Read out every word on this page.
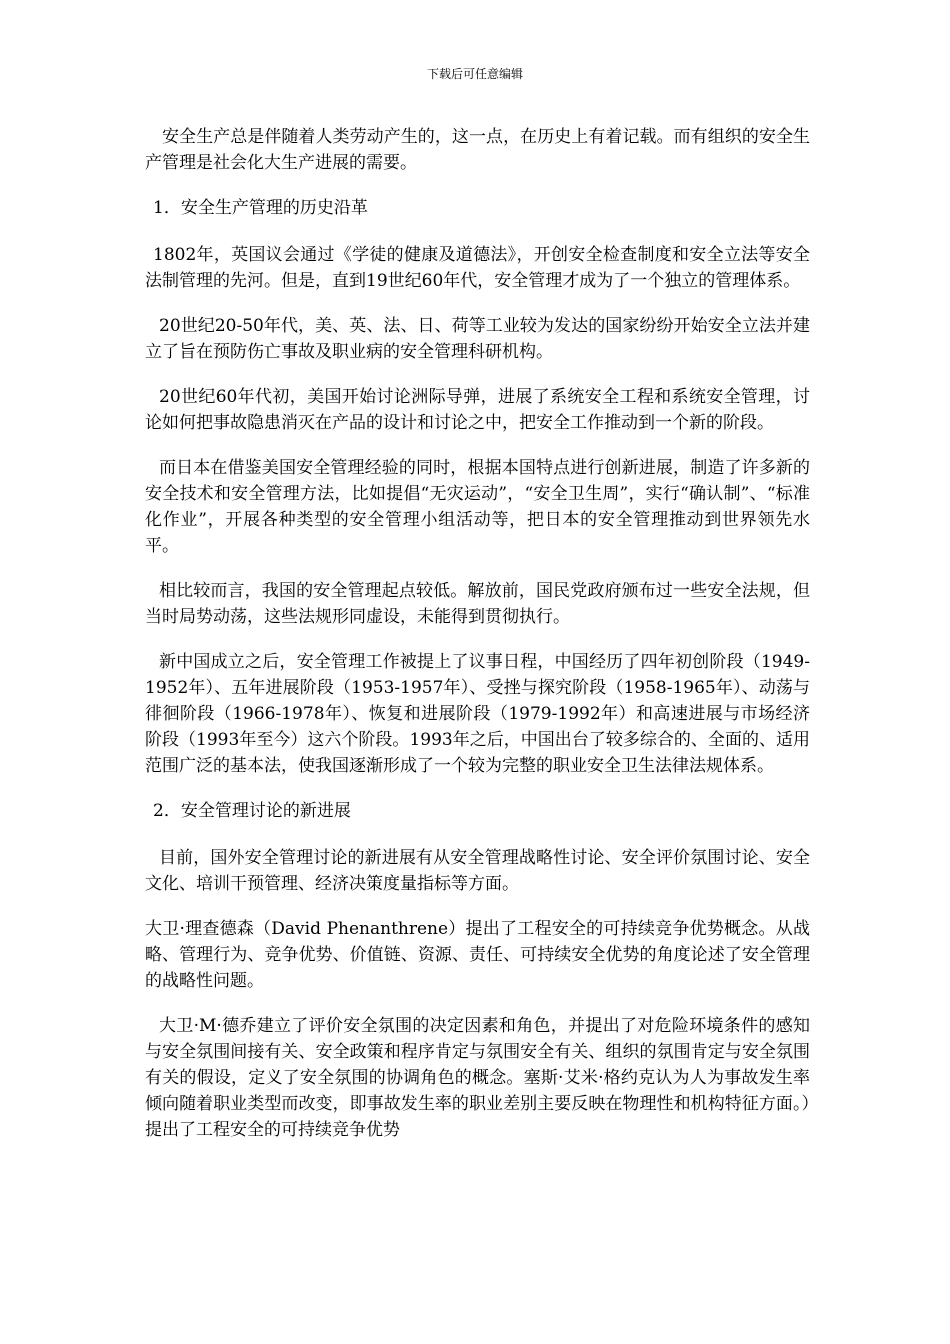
下载后可任意编辑

安全生产总是伴随着人类劳动产生的，这一点，在历史上有着记载。而有组织的安全生产管理是社会化大生产进展的需要。

1．安全生产管理的历史沿革

1802年，英国议会通过《学徒的健康及道德法》，开创安全检查制度和安全立法等安全法制管理的先河。但是，直到19世纪60年代，安全管理才成为了一个独立的管理体系。

20世纪20-50年代，美、英、法、日、荷等工业较为发达的国家纷纷开始安全立法并建立了旨在预防伤亡事故及职业病的安全管理科研机构。

20世纪60年代初，美国开始讨论洲际导弹，进展了系统安全工程和系统安全管理，讨论如何把事故隐患消灭在产品的设计和讨论之中，把安全工作推动到一个新的阶段。

而日本在借鉴美国安全管理经验的同时，根据本国特点进行创新进展，制造了许多新的安全技术和安全管理方法，比如提倡“无灾运动”，“安全卫生周”，实行“确认制”、“标准化作业”，开展各种类型的安全管理小组活动等，把日本的安全管理推动到世界领先水平。

相比较而言，我国的安全管理起点较低。解放前，国民党政府颁布过一些安全法规，但当时局势动荡，这些法规形同虚设，未能得到贯彻执行。

新中国成立之后，安全管理工作被提上了议事日程，中国经历了四年初创阶段（1949-1952年）、五年进展阶段（1953-1957年）、受挫与探究阶段（1958-1965年）、动荡与徘徊阶段（1966-1978年）、恢复和进展阶段（1979-1992年）和高速进展与市场经济阶段（1993年至今）这六个阶段。1993年之后，中国出台了较多综合的、全面的、适用范围广泛的基本法，使我国逐渐形成了一个较为完整的职业安全卫生法律法规体系。

2．安全管理讨论的新进展

目前，国外安全管理讨论的新进展有从安全管理战略性讨论、安全评价氛围讨论、安全文化、培训干预管理、经济决策度量指标等方面。

大卫·理查德森（David Phenanthrene）提出了工程安全的可持续竞争优势概念。从战略、管理行为、竞争优势、价值链、资源、责任、可持续安全优势的角度论述了安全管理的战略性问题。

大卫·M·德乔建立了评价安全氛围的决定因素和角色，并提出了对危险环境条件的感知与安全氛围间接有关、安全政策和程序肯定与氛围安全有关、组织的氛围肯定与安全氛围有关的假设，定义了安全氛围的协调角色的概念。塞斯·艾米·格约克认为人为事故发生率倾向随着职业类型而改变，即事故发生率的职业差别主要反映在物理性和机构特征方面。）提出了工程安全的可持续竞争优势
